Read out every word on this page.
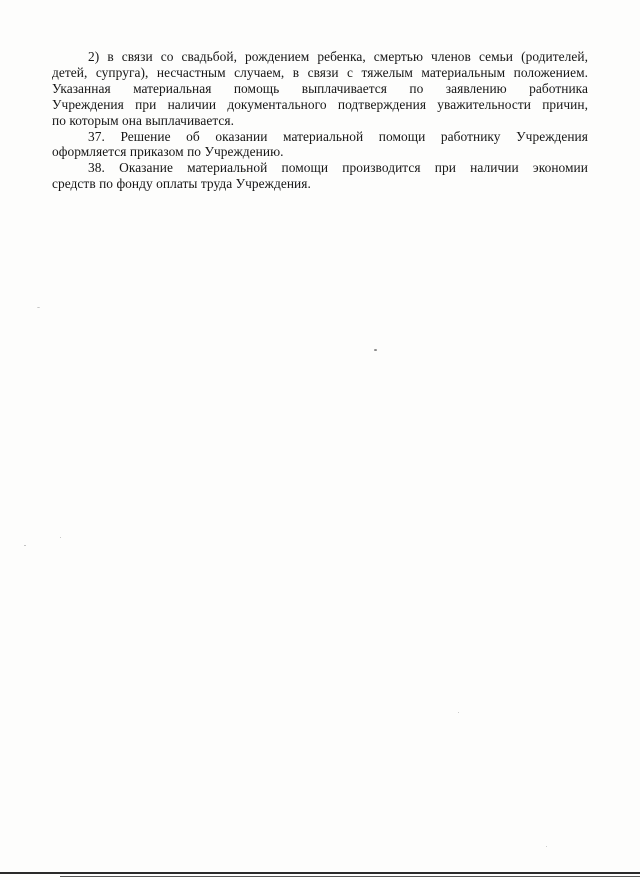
2) в связи со свадьбой, рождением ребенка, смертью членов семьи (родителей,
детей, супруга), несчастным случаем, в связи с тяжелым материальным положением.
Указанная материальная помощь выплачивается по заявлению работника
Учреждения при наличии документального подтверждения уважительности причин,
по которым она выплачивается.

37. Решение об оказании материальной помощи работнику Учреждения
оформляется приказом по Учреждению.

38. Оказание материальной помощи производится при наличии экономии
средств по фонду оплаты труда Учреждения.
